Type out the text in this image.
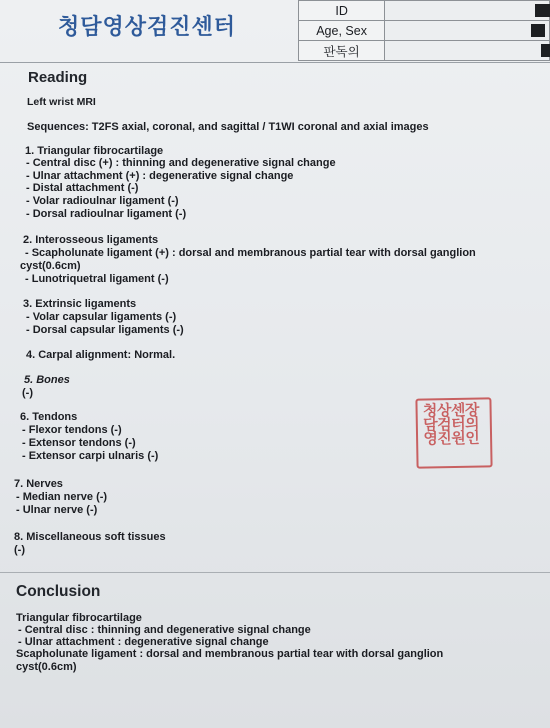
청담영상검진센터
ID	

Age, Sex	

판독의	
Reading
Left wrist MRI
Sequences: T2FS axial, coronal, and sagittal / T1WI coronal and axial images
1. Triangular fibrocartilage
- Central disc (+) : thinning and degenerative signal change
- Ulnar attachment (+) : degenerative signal change
- Distal attachment (-)
- Volar radioulnar ligament (-)
- Dorsal radioulnar ligament (-)
2. Interosseous ligaments
- Scapholunate ligament (+) : dorsal and membranous partial tear with dorsal ganglion
cyst(0.6cm)
- Lunotriquetral ligament (-)
3. Extrinsic ligaments
- Volar capsular ligaments (-)
- Dorsal capsular ligaments (-)
4. Carpal alignment: Normal.
5. Bones
(-)
6. Tendons
- Flexor tendons (-)
- Extensor tendons (-)
- Extensor carpi ulnaris (-)
7. Nerves
- Median nerve (-)
- Ulnar nerve (-)
8. Miscellaneous soft tissues
(-)
Conclusion
Triangular fibrocartilage
- Central disc : thinning and degenerative signal change
- Ulnar attachment : degenerative signal change
Scapholunate ligament : dorsal and membranous partial tear with dorsal ganglion
cyst(0.6cm)
청담영
상검진
센터원
장의인
